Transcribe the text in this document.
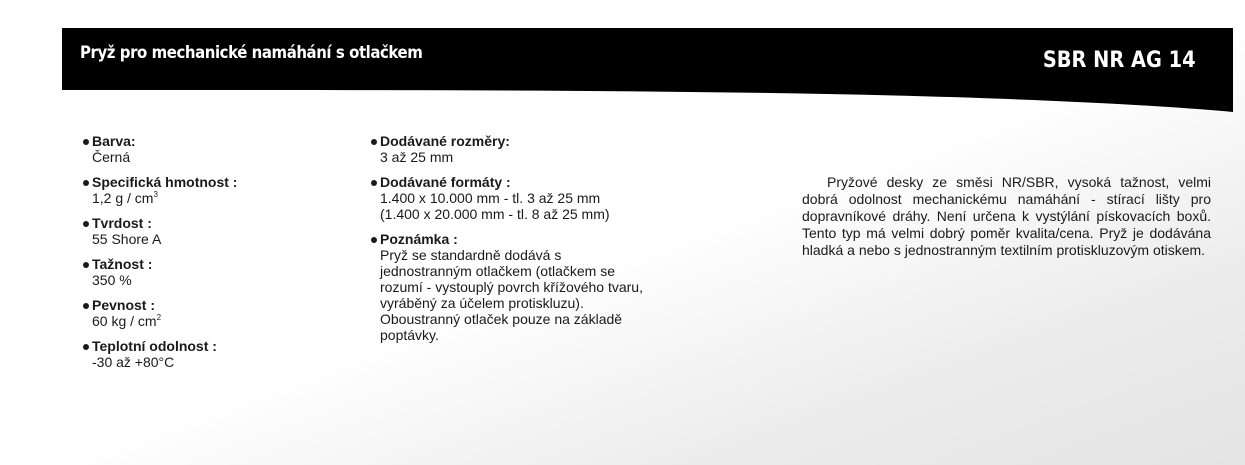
Pryž pro mechanické namáhání s otlačkem	SBR NR AG 14
Barva:
Černá
Specifická hmotnost :
1,2 g / $cm^3$
Tvrdost :
55 Shore A
Tažnost :
350 %
Pevnost :
60 kg / $cm^2$
Teplotní odolnost :
-30 až +80°C
Dodávané rozměry:
3 až 25 mm
Dodávané formáty :
1.400 x 10.000 mm - tl. 3 až 25 mm
(1.400 x 20.000 mm - tl. 8 až 25 mm)
Poznámka :
Pryž se standardně dodává s
jednostranným otlačkem (otlačkem se
rozumí - vystouplý povrch křížového tvaru,
vyráběný za účelem protiskluzu).
Oboustranný otlaček pouze na základě
poptávky.
Pryžové desky ze směsi NR/SBR, vysoká tažnost, velmi dobrá odolnost mechanickému namáhání - stírací lišty pro dopravníkové dráhy. Není určena k vystýlání pískovacích boxů. Tento typ má velmi dobrý poměr kvalita/cena. Pryž je dodávána hladká a nebo s jednostranným textilním protiskluzovým otiskem.
